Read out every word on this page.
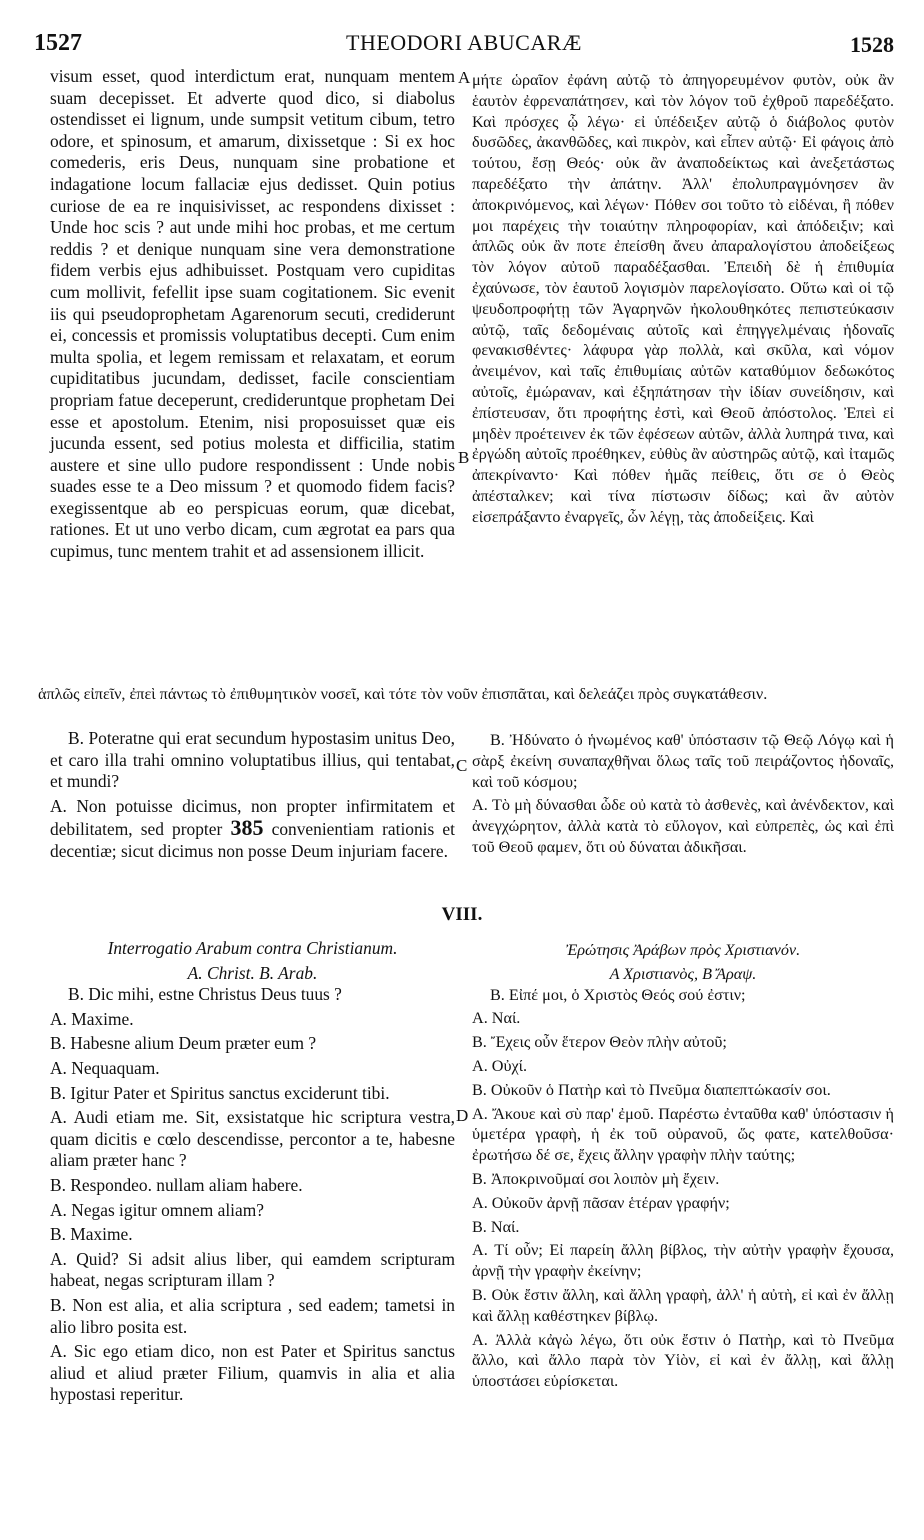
1527	THEODORI ABUCARÆ	1528
A
B
C
D

visum esset, quod interdictum erat, nunquam mentem suam decepisset. Et adverte quod dico, si diabolus ostendisset ei lignum, unde sumpsit vetitum cibum, tetro odore, et spinosum, et amarum, dixissetque : Si ex hoc comederis, eris Deus, nunquam sine probatione et indagatione locum fallaciæ ejus dedisset. Quin potius curiose de ea re inquisivisset, ac respondens dixisset : Unde hoc scis ? aut unde mihi hoc probas, et me certum reddis ? et denique nunquam sine vera demonstratione fidem verbis ejus adhibuisset. Postquam vero cupiditas cum mollivit, fefellit ipse suam cogitationem. Sic evenit iis qui pseudoprophetam Agarenorum secuti, crediderunt ei, concessis et promissis voluptatibus decepti. Cum enim multa spolia, et legem remissam et relaxatam, et eorum cupiditatibus jucundam, dedisset, facile conscientiam propriam fatue deceperunt, credideruntque prophetam Dei esse et apostolum. Etenim, nisi proposuisset quæ eis jucunda essent, sed potius molesta et difficilia, statim austere et sine ullo pudore respondissent : Unde nobis suades esse te a Deo missum ? et quomodo fidem facis? exegissentque ab eo perspicuas eorum, quæ dicebat, rationes. Et ut uno verbo dicam, cum ægrotat ea pars qua cupimus, tunc mentem trahit et ad assensionem illicit.

μήτε ὡραῖον ἐφάνη αὐτῷ τὸ ἀπηγορευμένον φυτὸν, οὐκ ἂν ἑαυτὸν ἐφρεναπάτησεν, καὶ τὸν λόγον τοῦ ἐχθροῦ παρεδέξατο. Καὶ πρόσχες ᾧ λέγω· εἰ ὑπέδειξεν αὐτῷ ὁ διάβολος φυτὸν δυσῶδες, ἀκανθῶδες, καὶ πικρὸν, καὶ εἶπεν αὐτῷ· Εἰ φάγοις ἀπὸ τούτου, ἔσῃ Θεός· οὐκ ἂν ἀναποδείκτως καὶ ἀνεξετάστως παρεδέξατο τὴν ἀπάτην. Ἀλλ' ἐπολυπραγμόνησεν ἂν ἀποκρινόμενος, καὶ λέγων· Πόθεν σοι τοῦτο τὸ εἰδέναι, ἢ πόθεν μοι παρέχεις τὴν τοιαύτην πληροφορίαν, καὶ ἀπόδειξιν; καὶ ἁπλῶς οὐκ ἂν ποτε ἐπείσθη ἄνευ ἀπαραλογίστου ἀποδείξεως τὸν λόγον αὐτοῦ παραδέξασθαι. Ἐπειδὴ δὲ ἡ ἐπιθυμία ἐχαύνωσε, τὸν ἑαυτοῦ λογισμὸν παρελογίσατο. Οὕτω καὶ οἱ τῷ ψευδοπροφήτῃ τῶν Ἀγαρηνῶν ἠκολουθηκότες πεπιστεύκασιν αὐτῷ, ταῖς δεδομέναις αὐτοῖς καὶ ἐπηγγελμέναις ἡδοναῖς φενακισθέντες· λάφυρα γὰρ πολλὰ, καὶ σκῦλα, καὶ νόμον ἀνειμένον, καὶ ταῖς ἐπιθυμίαις αὐτῶν καταθύμιον δεδωκότος αὐτοῖς, ἐμώραναν, καὶ ἐξηπάτησαν τὴν ἰδίαν συνείδησιν, καὶ ἐπίστευσαν, ὅτι προφήτης ἐστὶ, καὶ Θεοῦ ἀπόστολος. Ἐπεὶ εἰ μηδὲν προέτεινεν ἐκ τῶν ἐφέσεων αὐτῶν, ἀλλὰ λυπηρά τινα, καὶ ἐργώδη αὐτοῖς προέθηκεν, εὐθὺς ἂν αὐστηρῶς αὐτῷ, καὶ ἰταμῶς ἀπεκρίναντο· Καὶ πόθεν ἡμᾶς πείθεις, ὅτι σε ὁ Θεὸς ἀπέσταλκεν; καὶ τίνα πίστωσιν δίδως; καὶ ἂν αὐτὸν εἰσεπράξαντο ἐναργεῖς, ὧν λέγῃ, τὰς ἀποδείξεις. Καὶ

ἁπλῶς εἰπεῖν, ἐπεὶ πάντως τὸ ἐπιθυμητικὸν νοσεῖ, καὶ τότε τὸν νοῦν ἐπισπᾶται, καὶ δελεάζει πρὸς συγκατάθεσιν.

B. Poteratne qui erat secundum hypostasim unitus Deo, et caro illa trahi omnino voluptatibus illius, qui tentabat, et mundi?

A. Non potuisse dicimus, non propter infirmitatem et debilitatem, sed propter 385 convenientiam rationis et decentiæ; sicut dicimus non posse Deum injuriam facere.

B. Ἠδύνατο ὁ ἡνωμένος καθ' ὑπόστασιν τῷ Θεῷ Λόγῳ καὶ ἡ σὰρξ ἐκείνη συναπαχθῆναι ὅλως ταῖς τοῦ πειράζοντος ἡδοναῖς, καὶ τοῦ κόσμου;

A. Τὸ μὴ δύνασθαι ὧδε οὐ κατὰ τὸ ἀσθενὲς, καὶ ἀνένδεκτον, καὶ ἀνεγχώρητον, ἀλλὰ κατὰ τὸ εὔλογον, καὶ εὐπρεπὲς, ὡς καὶ ἐπὶ τοῦ Θεοῦ φαμεν, ὅτι οὐ δύναται ἀδικῆσαι.

VIII.

Interrogatio Arabum contra Christianum.

A. Christ. B. Arab.

B. Dic mihi, estne Christus Deus tuus ?

A. Maxime.

B. Habesne alium Deum præter eum ?

A. Nequaquam.

B. Igitur Pater et Spiritus sanctus exciderunt tibi.

A. Audi etiam me. Sit, exsistatque hic scriptura vestra, quam dicitis e cœlo descendisse, percontor a te, habesne aliam præter hanc ?

B. Respondeo. nullam aliam habere.

A. Negas igitur omnem aliam?

B. Maxime.

A. Quid? Si adsit alius liber, qui eamdem scripturam habeat, negas scripturam illam ?

B. Non est alia, et alia scriptura , sed eadem; tametsi in alio libro posita est.

A. Sic ego etiam dico, non est Pater et Spiritus sanctus aliud et aliud præter Filium, quamvis in alia et alia hypostasi reperitur.

Ἐρώτησις Ἀράβων πρὸς Χριστιανόν.

Α Χριστιανὸς, Β Ἄραψ.

B. Εἰπέ μοι, ὁ Χριστὸς Θεός σού ἐστιν;

A. Ναί.

B. Ἔχεις οὖν ἕτερον Θεὸν πλὴν αὐτοῦ;

A. Οὐχί.

B. Οὐκοῦν ὁ Πατὴρ καὶ τὸ Πνεῦμα διαπεπτώκασίν σοι.

A. Ἄκουε καὶ σὺ παρ' ἐμοῦ. Παρέστω ἐνταῦθα καθ' ὑπόστασιν ἡ ὑμετέρα γραφὴ, ἡ ἐκ τοῦ οὐρανοῦ, ὥς φατε, κατελθοῦσα· ἐρωτήσω δέ σε, ἔχεις ἄλλην γραφὴν πλὴν ταύτης;

B. Ἀποκρινοῦμαί σοι λοιπὸν μὴ ἔχειν.

A. Οὐκοῦν ἀρνῇ πᾶσαν ἑτέραν γραφήν;

B. Ναί.

A. Τί οὖν; Εἰ παρείη ἄλλη βίβλος, τὴν αὐτὴν γραφὴν ἔχουσα, ἀρνῇ τὴν γραφὴν ἐκείνην;

B. Οὐκ ἔστιν ἄλλη, καὶ ἄλλη γραφὴ, ἀλλ' ἡ αὐτὴ, εἰ καὶ ἐν ἄλλῃ καὶ ἄλλῃ καθέστηκεν βίβλῳ.

A. Ἀλλὰ κἀγὼ λέγω, ὅτι οὐκ ἔστιν ὁ Πατὴρ, καὶ τὸ Πνεῦμα ἄλλο, καὶ ἄλλο παρὰ τὸν Υἱὸν, εἰ καὶ ἐν ἄλλῃ, καὶ ἄλλῃ ὑποστάσει εὑρίσκεται.
